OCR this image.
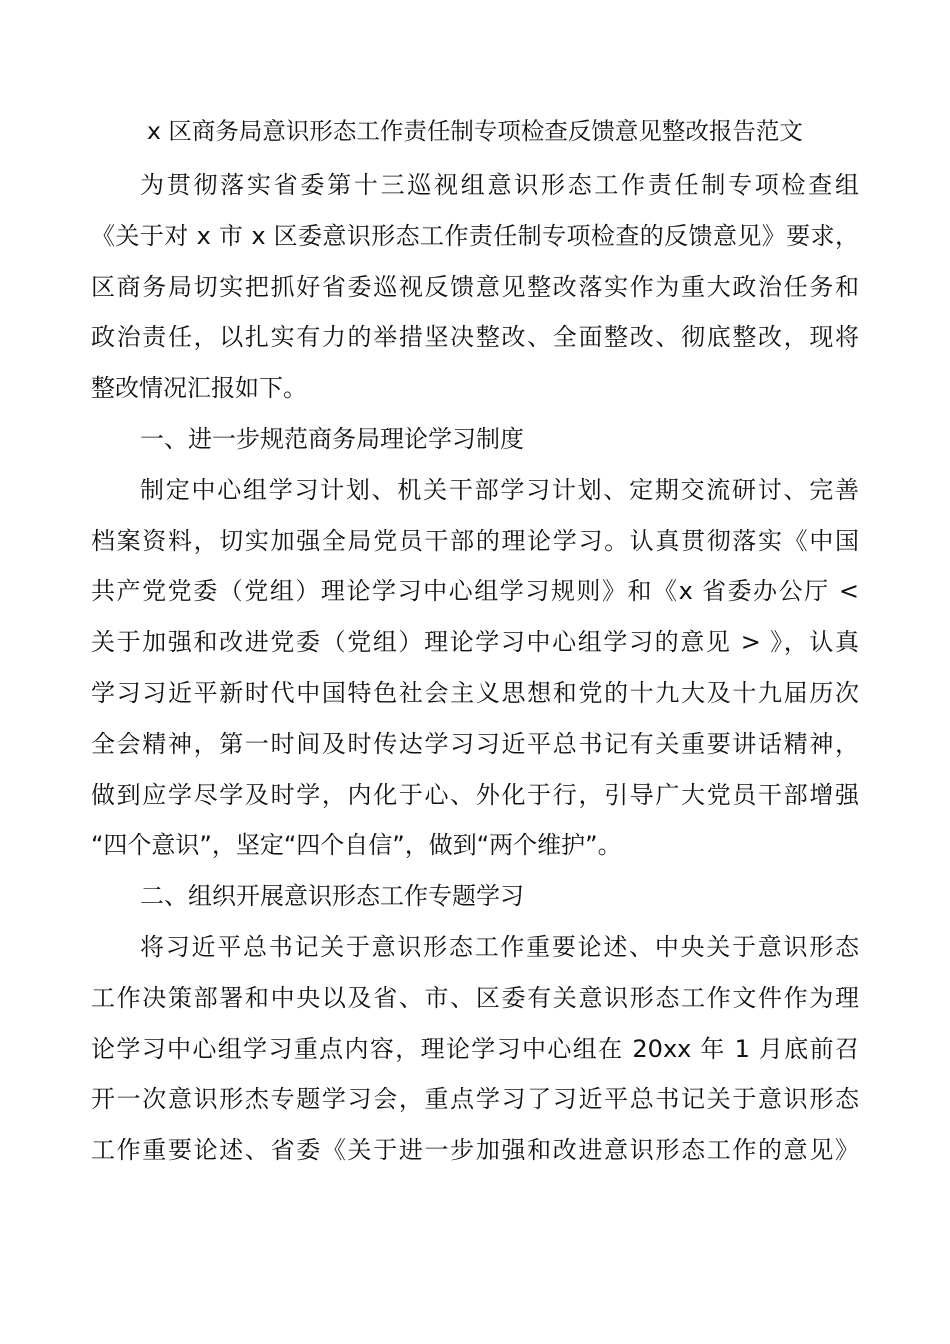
x 区商务局意识形态工作责任制专项检查反馈意见整改报告范文
为贯彻落实省委第十三巡视组意识形态工作责任制专项检查组
《关于对 x 市 x 区委意识形态工作责任制专项检查的反馈意见》要求，
区商务局切实把抓好省委巡视反馈意见整改落实作为重大政治任务和
政治责任，以扎实有力的举措坚决整改、全面整改、彻底整改，现将
整改情况汇报如下。
一、进一步规范商务局理论学习制度
制定中心组学习计划、机关干部学习计划、定期交流研讨、完善
档案资料，切实加强全局党员干部的理论学习。认真贯彻落实《中国
共产党党委（党组）理论学习中心组学习规则》和《x 省委办公厅 <
关于加强和改进党委（党组）理论学习中心组学习的意见 > 》，认真
学习习近平新时代中国特色社会主义思想和党的十九大及十九届历次
全会精神，第一时间及时传达学习习近平总书记有关重要讲话精神，
做到应学尽学及时学，内化于心、外化于行，引导广大党员干部增强
“四个意识”，坚定“四个自信”，做到“两个维护”。
二、组织开展意识形态工作专题学习
将习近平总书记关于意识形态工作重要论述、中央关于意识形态
工作决策部署和中央以及省、市、区委有关意识形态工作文件作为理
论学习中心组学习重点内容，理论学习中心组在 20xx 年 1 月底前召
开一次意识形杰专题学习会，重点学习了习近平总书记关于意识形态
工作重要论述、省委《关于进一步加强和改进意识形态工作的意见》
